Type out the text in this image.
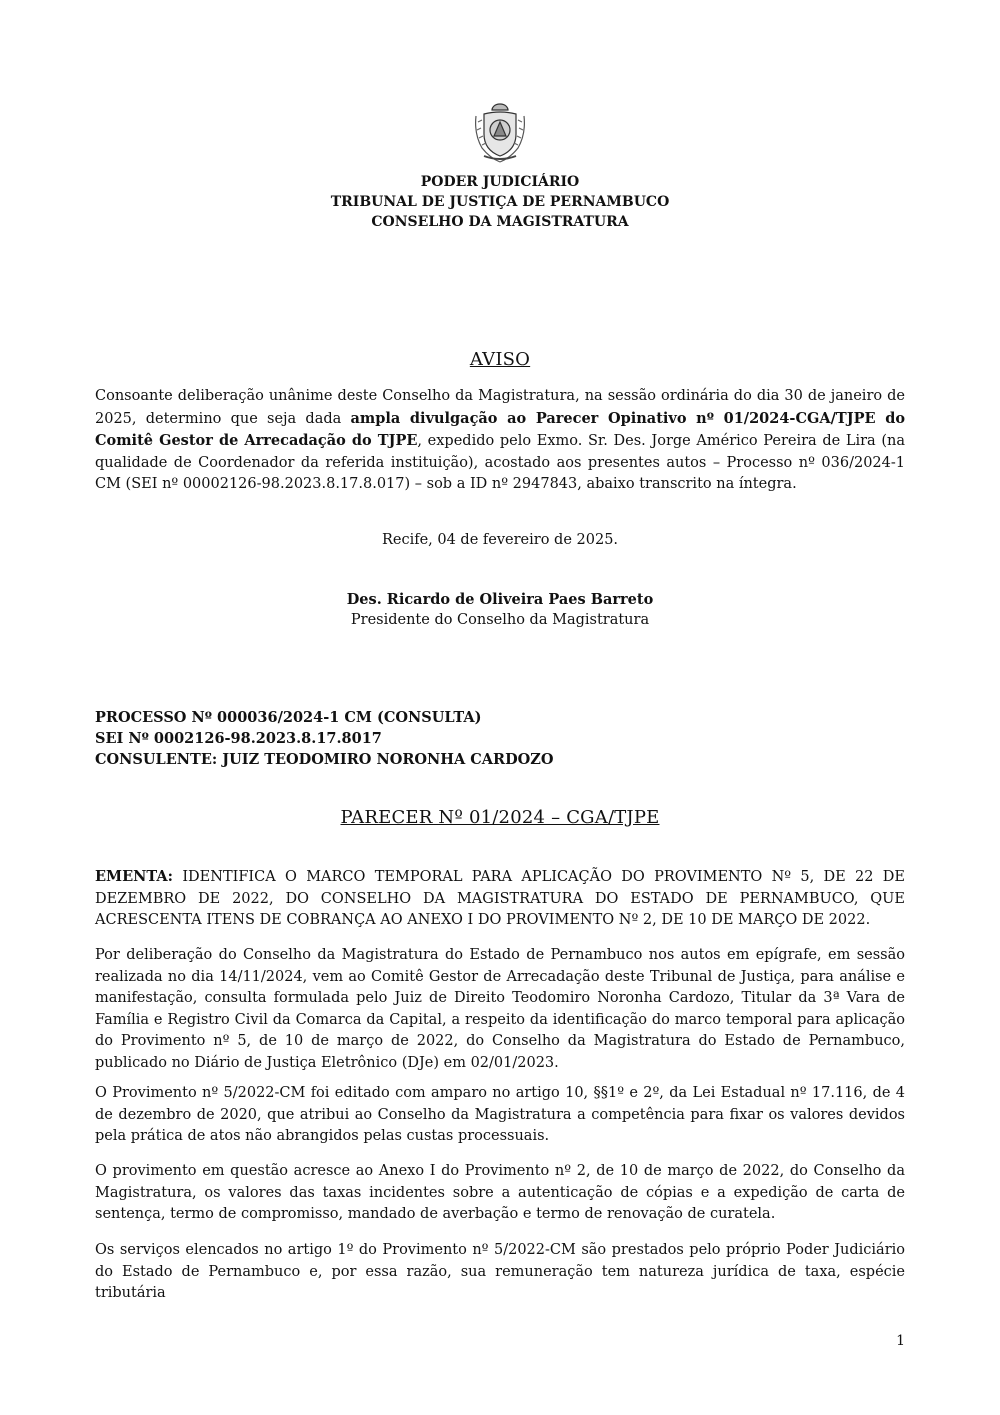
PODER JUDICIÁRIO
TRIBUNAL DE JUSTIÇA DE PERNAMBUCO
CONSELHO DA MAGISTRATURA
AVISO
Consoante deliberação unânime deste Conselho da Magistratura, na sessão ordinária do dia 30 de janeiro de 2025, determino que seja dada ampla divulgação ao Parecer Opinativo nº 01/2024-CGA/TJPE do Comitê Gestor de Arrecadação do TJPE, expedido pelo Exmo. Sr. Des. Jorge Américo Pereira de Lira (na qualidade de Coordenador da referida instituição), acostado aos presentes autos – Processo nº 036/2024-1 CM (SEI nº 00002126-98.2023.8.17.8.017) – sob a ID nº 2947843, abaixo transcrito na íntegra.
Recife, 04 de fevereiro de 2025.
Des. Ricardo de Oliveira Paes Barreto
Presidente do Conselho da Magistratura
PROCESSO Nº 000036/2024-1 CM (CONSULTA)
SEI Nº 0002126-98.2023.8.17.8017
CONSULENTE: JUIZ TEODOMIRO NORONHA CARDOZO
PARECER Nº 01/2024 – CGA/TJPE
EMENTA: IDENTIFICA O MARCO TEMPORAL PARA APLICAÇÃO DO PROVIMENTO Nº 5, DE 22 DE DEZEMBRO DE 2022, DO CONSELHO DA MAGISTRATURA DO ESTADO DE PERNAMBUCO, QUE ACRESCENTA ITENS DE COBRANÇA AO ANEXO I DO PROVIMENTO Nº 2, DE 10 DE MARÇO DE 2022.
Por deliberação do Conselho da Magistratura do Estado de Pernambuco nos autos em epígrafe, em sessão realizada no dia 14/11/2024, vem ao Comitê Gestor de Arrecadação deste Tribunal de Justiça, para análise e manifestação, consulta formulada pelo Juiz de Direito Teodomiro Noronha Cardozo, Titular da 3ª Vara de Família e Registro Civil da Comarca da Capital, a respeito da identificação do marco temporal para aplicação do Provimento nº 5, de 10 de março de 2022, do Conselho da Magistratura do Estado de Pernambuco, publicado no Diário de Justiça Eletrônico (DJe) em 02/01/2023.
O Provimento nº 5/2022-CM foi editado com amparo no artigo 10, §§1º e 2º, da Lei Estadual nº 17.116, de 4 de dezembro de 2020, que atribui ao Conselho da Magistratura a competência para fixar os valores devidos pela prática de atos não abrangidos pelas custas processuais.
O provimento em questão acresce ao Anexo I do Provimento nº 2, de 10 de março de 2022, do Conselho da Magistratura, os valores das taxas incidentes sobre a autenticação de cópias e a expedição de carta de sentença, termo de compromisso, mandado de averbação e termo de renovação de curatela.
Os serviços elencados no artigo 1º do Provimento nº 5/2022-CM são prestados pelo próprio Poder Judiciário do Estado de Pernambuco e, por essa razão, sua remuneração tem natureza jurídica de taxa, espécie tributária
1
